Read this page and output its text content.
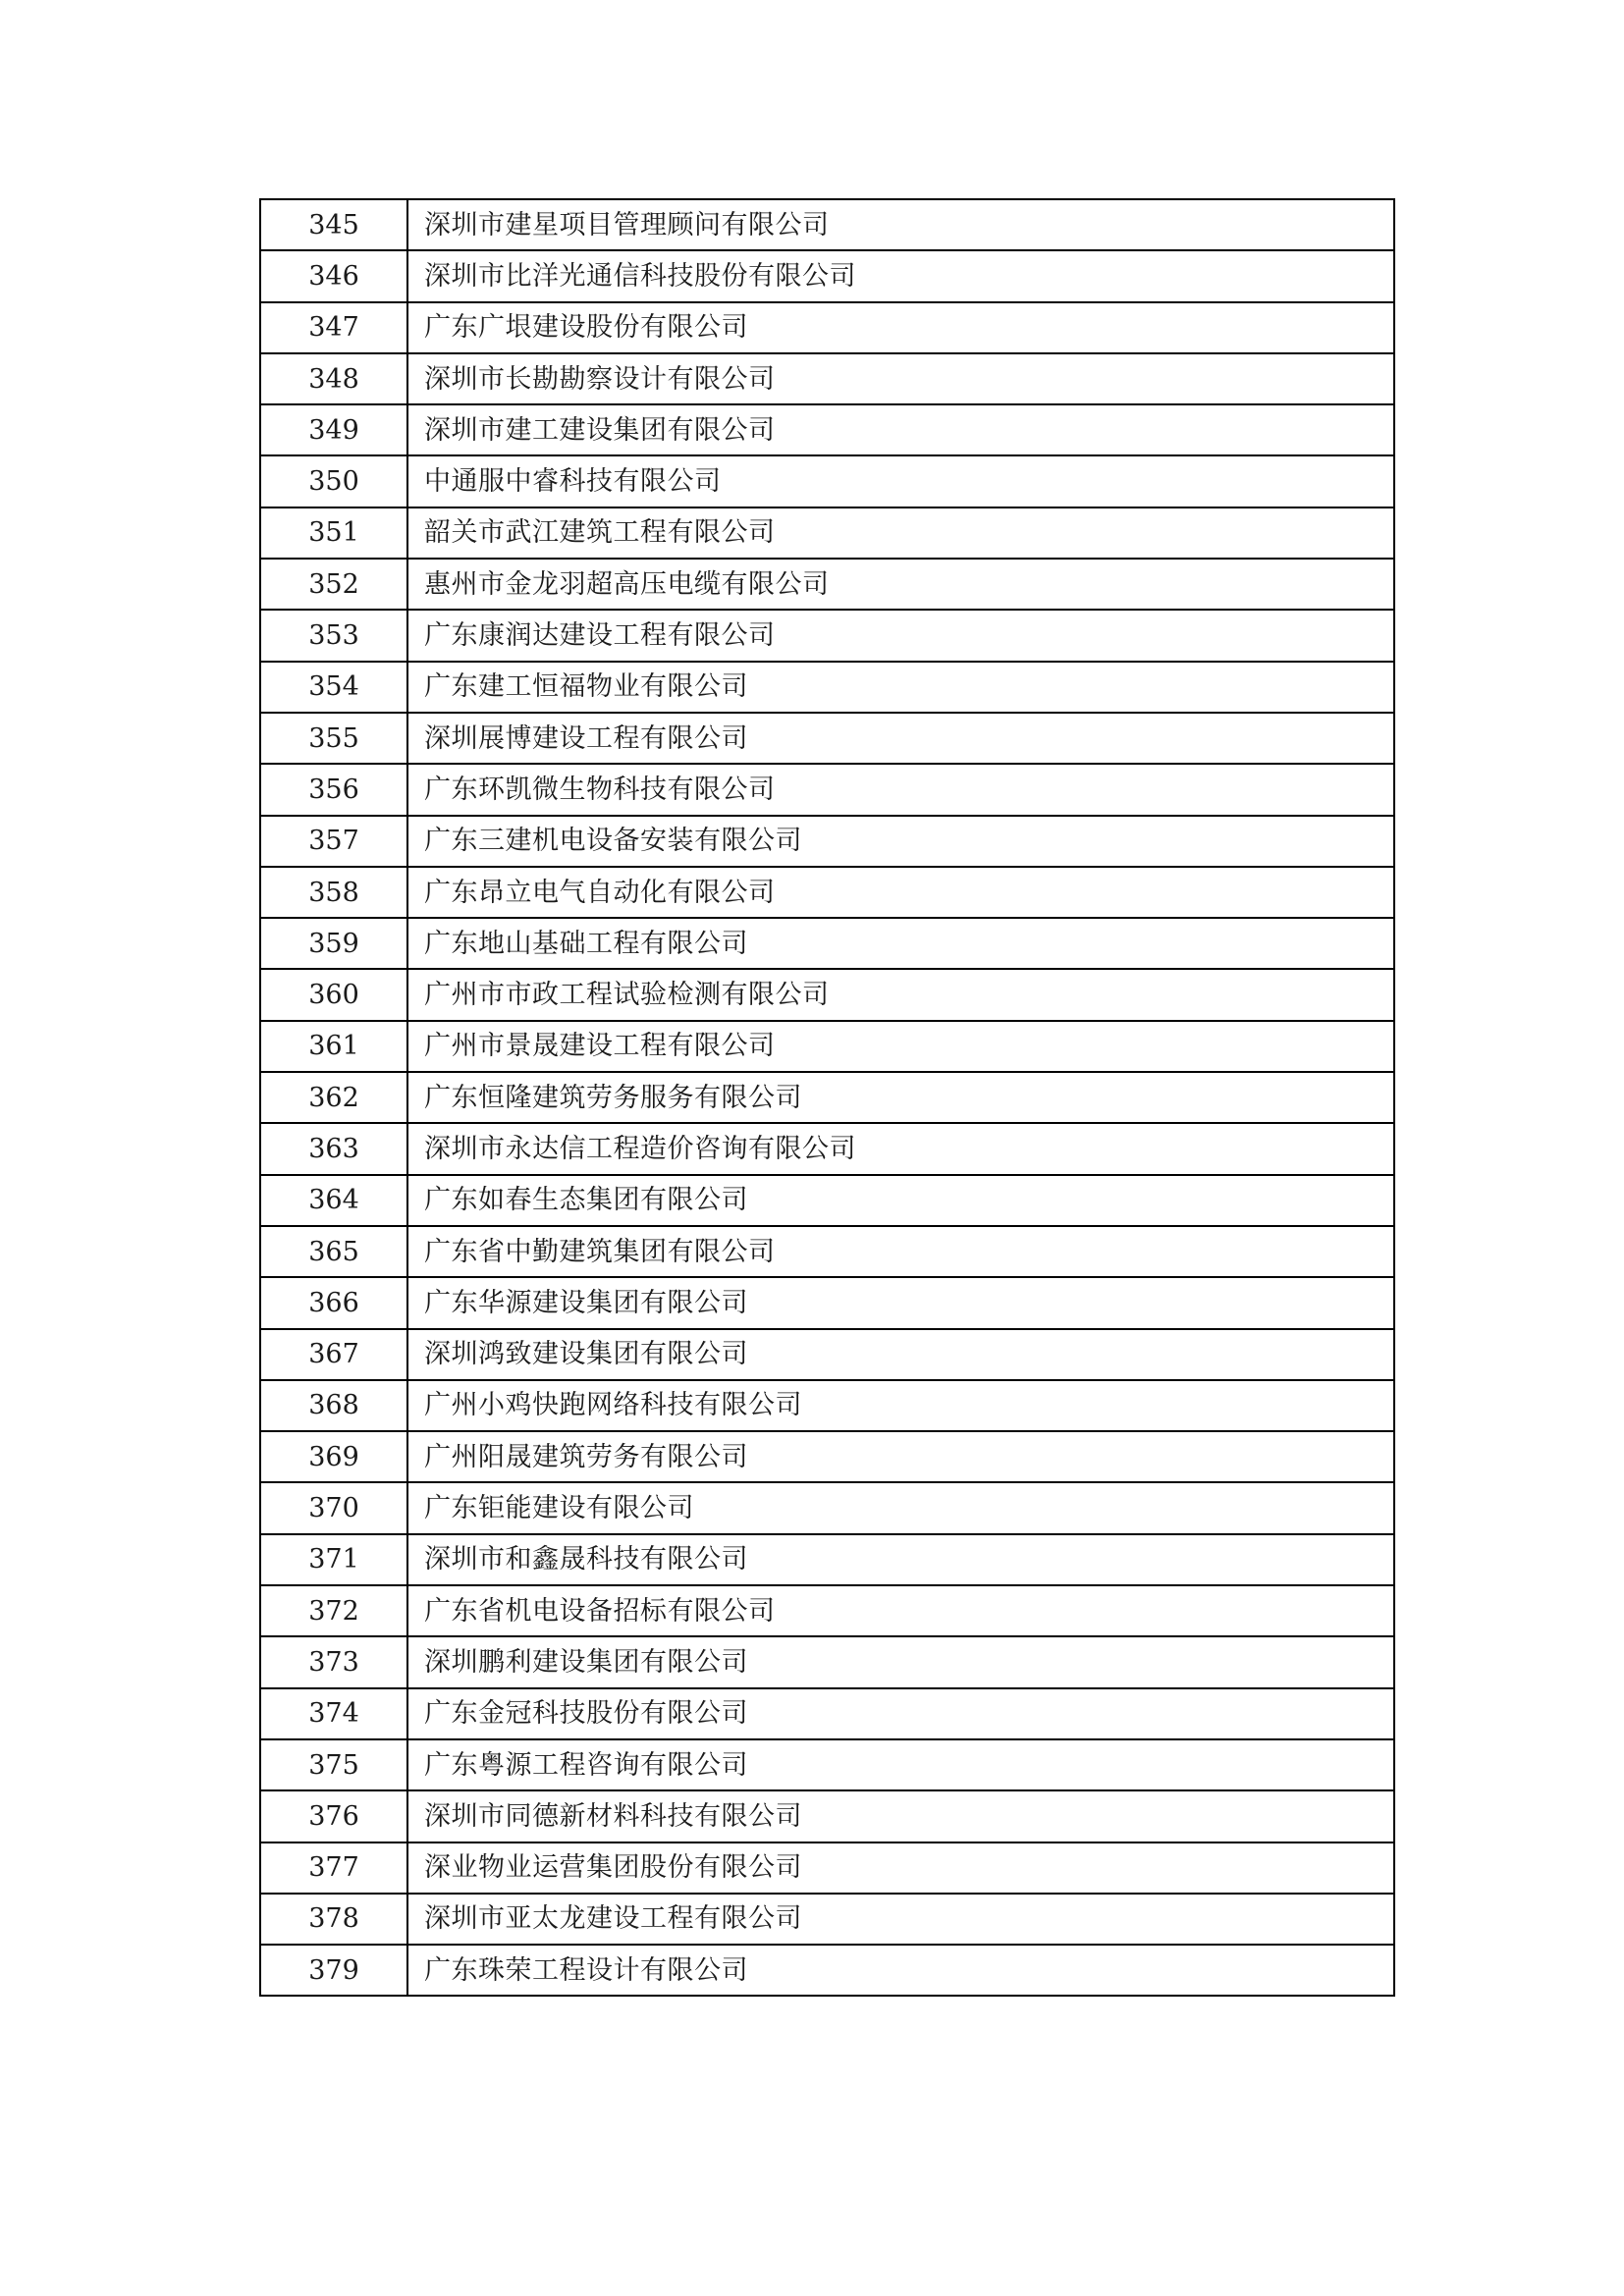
345	深圳市建星项目管理顾问有限公司
346	深圳市比洋光通信科技股份有限公司
347	广东广垠建设股份有限公司
348	深圳市长勘勘察设计有限公司
349	深圳市建工建设集团有限公司
350	中通服中睿科技有限公司
351	韶关市武江建筑工程有限公司
352	惠州市金龙羽超高压电缆有限公司
353	广东康润达建设工程有限公司
354	广东建工恒福物业有限公司
355	深圳展博建设工程有限公司
356	广东环凯微生物科技有限公司
357	广东三建机电设备安装有限公司
358	广东昂立电气自动化有限公司
359	广东地山基础工程有限公司
360	广州市市政工程试验检测有限公司
361	广州市景晟建设工程有限公司
362	广东恒隆建筑劳务服务有限公司
363	深圳市永达信工程造价咨询有限公司
364	广东如春生态集团有限公司
365	广东省中勤建筑集团有限公司
366	广东华源建设集团有限公司
367	深圳鸿致建设集团有限公司
368	广州小鸡快跑网络科技有限公司
369	广州阳晟建筑劳务有限公司
370	广东钜能建设有限公司
371	深圳市和鑫晟科技有限公司
372	广东省机电设备招标有限公司
373	深圳鹏利建设集团有限公司
374	广东金冠科技股份有限公司
375	广东粤源工程咨询有限公司
376	深圳市同德新材料科技有限公司
377	深业物业运营集团股份有限公司
378	深圳市亚太龙建设工程有限公司
379	广东珠荣工程设计有限公司
